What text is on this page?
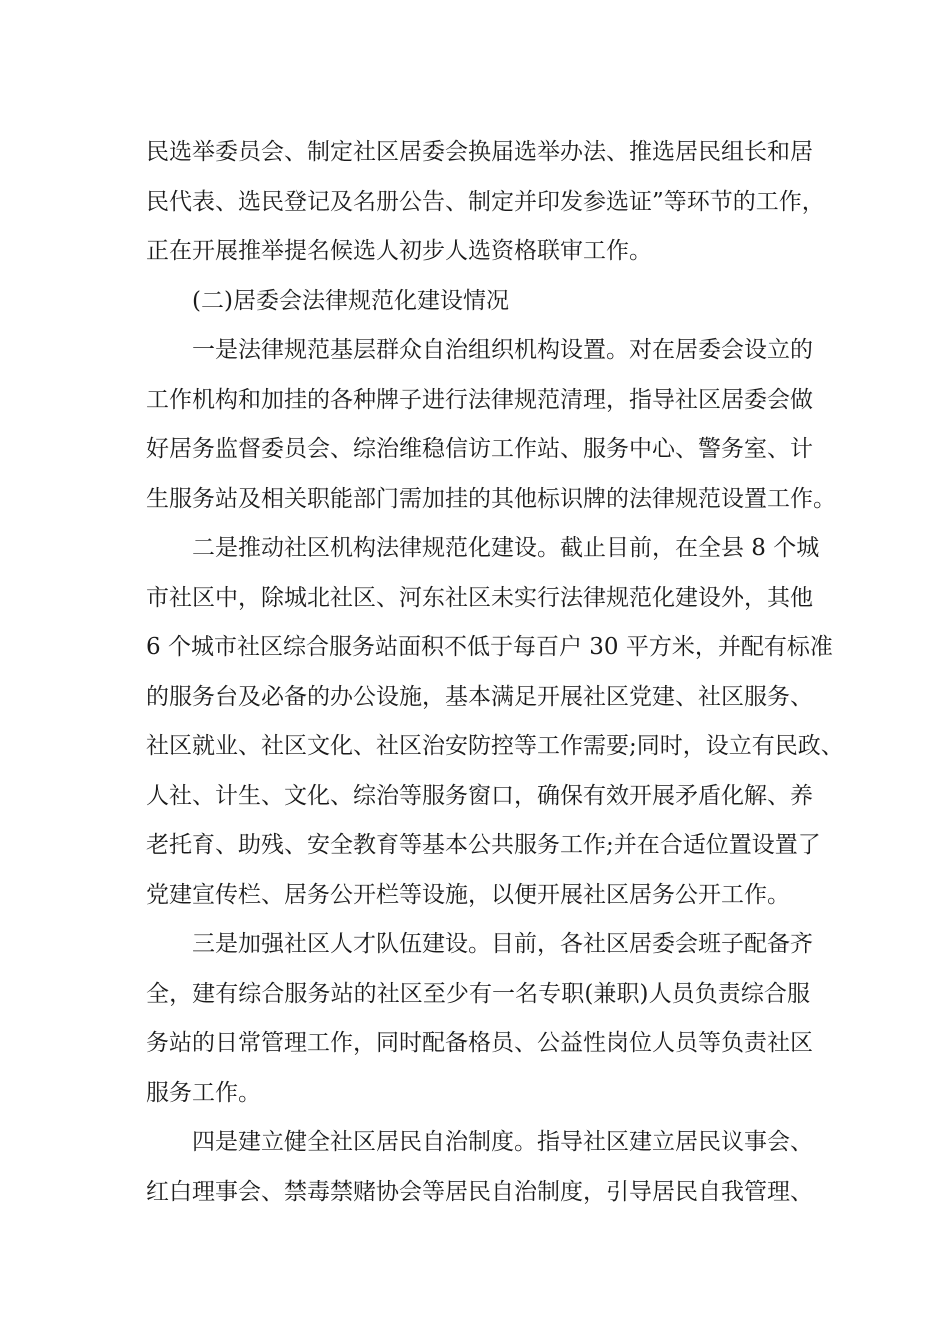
民选举委员会、制定社区居委会换届选举办法、推选居民组长和居
民代表、选民登记及名册公告、制定并印发参选证”等环节的工作，
正在开展推举提名候选人初步人选资格联审工作。
(二)居委会法律规范化建设情况
一是法律规范基层群众自治组织机构设置。对在居委会设立的
工作机构和加挂的各种牌子进行法律规范清理，指导社区居委会做
好居务监督委员会、综治维稳信访工作站、服务中心、警务室、计
生服务站及相关职能部门需加挂的其他标识牌的法律规范设置工作。
二是推动社区机构法律规范化建设。截止目前，在全县 8 个城
市社区中，除城北社区、河东社区未实行法律规范化建设外，其他
6 个城市社区综合服务站面积不低于每百户 30 平方米，并配有标准
的服务台及必备的办公设施，基本满足开展社区党建、社区服务、
社区就业、社区文化、社区治安防控等工作需要;同时，设立有民政、
人社、计生、文化、综治等服务窗口，确保有效开展矛盾化解、养
老托育、助残、安全教育等基本公共服务工作;并在合适位置设置了
党建宣传栏、居务公开栏等设施，以便开展社区居务公开工作。
三是加强社区人才队伍建设。目前，各社区居委会班子配备齐
全，建有综合服务站的社区至少有一名专职(兼职)人员负责综合服
务站的日常管理工作，同时配备格员、公益性岗位人员等负责社区
服务工作。
四是建立健全社区居民自治制度。指导社区建立居民议事会、
红白理事会、禁毒禁赌协会等居民自治制度，引导居民自我管理、
